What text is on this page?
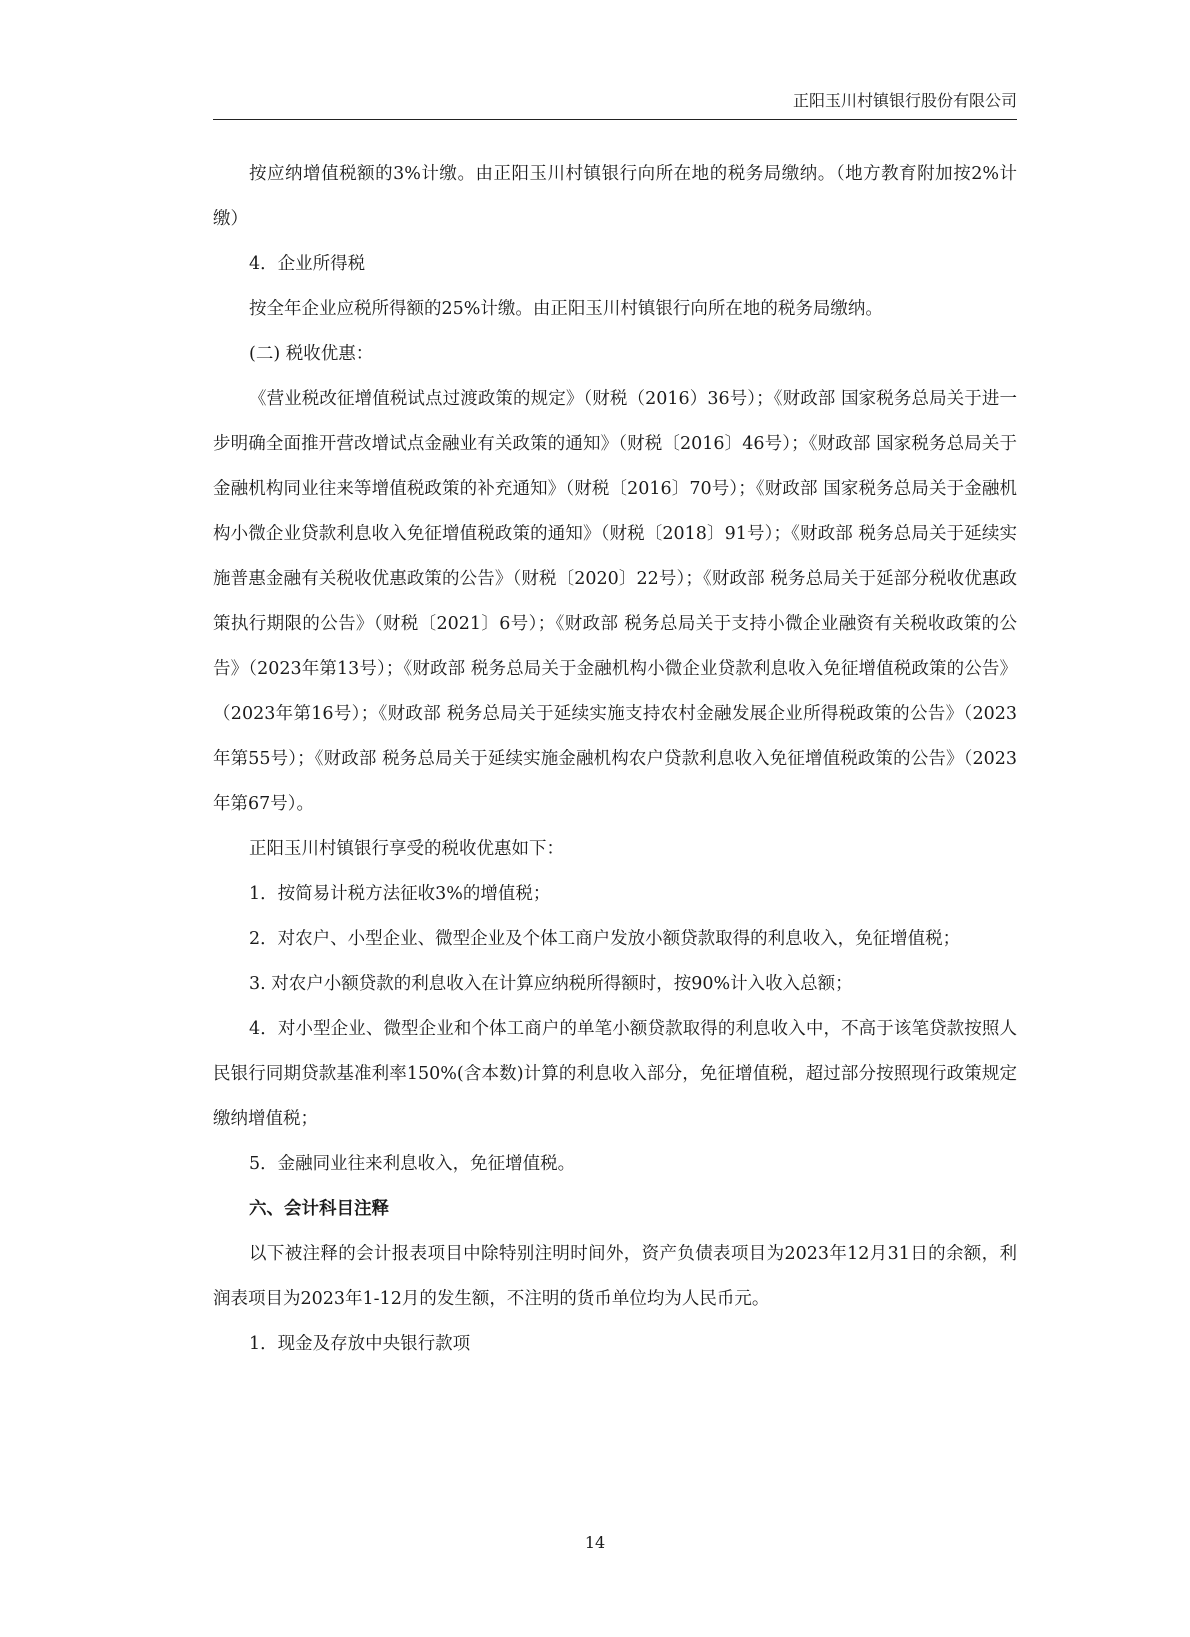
正阳玉川村镇银行股份有限公司

按应纳增值税额的3%计缴。由正阳玉川村镇银行向所在地的税务局缴纳。（地方教育附加按2%计缴）

4．企业所得税

按全年企业应税所得额的25%计缴。由正阳玉川村镇银行向所在地的税务局缴纳。

(二) 税收优惠：

《营业税改征增值税试点过渡政策的规定》（财税（2016）36号）；《财政部 国家税务总局关于进一步明确全面推开营改增试点金融业有关政策的通知》（财税〔2016〕46号）；《财政部 国家税务总局关于金融机构同业往来等增值税政策的补充通知》（财税〔2016〕70号）；《财政部 国家税务总局关于金融机构小微企业贷款利息收入免征增值税政策的通知》（财税〔2018〕91号）；《财政部 税务总局关于延续实施普惠金融有关税收优惠政策的公告》（财税〔2020〕22号）；《财政部 税务总局关于延部分税收优惠政策执行期限的公告》（财税〔2021〕6号）；《财政部 税务总局关于支持小微企业融资有关税收政策的公告》（2023年第13号）；《财政部 税务总局关于金融机构小微企业贷款利息收入免征增值税政策的公告》（2023年第16号）；《财政部 税务总局关于延续实施支持农村金融发展企业所得税政策的公告》（2023年第55号）；《财政部 税务总局关于延续实施金融机构农户贷款利息收入免征增值税政策的公告》（2023年第67号）。

正阳玉川村镇银行享受的税收优惠如下：

1．按简易计税方法征收3%的增值税；

2．对农户、小型企业、微型企业及个体工商户发放小额贷款取得的利息收入，免征增值税；

3. 对农户小额贷款的利息收入在计算应纳税所得额时，按90%计入收入总额；

4．对小型企业、微型企业和个体工商户的单笔小额贷款取得的利息收入中，不高于该笔贷款按照人民银行同期贷款基准利率150%(含本数)计算的利息收入部分，免征增值税，超过部分按照现行政策规定缴纳增值税；

5．金融同业往来利息收入，免征增值税。

六、会计科目注释

以下被注释的会计报表项目中除特别注明时间外，资产负债表项目为2023年12月31日的余额，利润表项目为2023年1-12月的发生额，不注明的货币单位均为人民币元。

1．现金及存放中央银行款项

14
